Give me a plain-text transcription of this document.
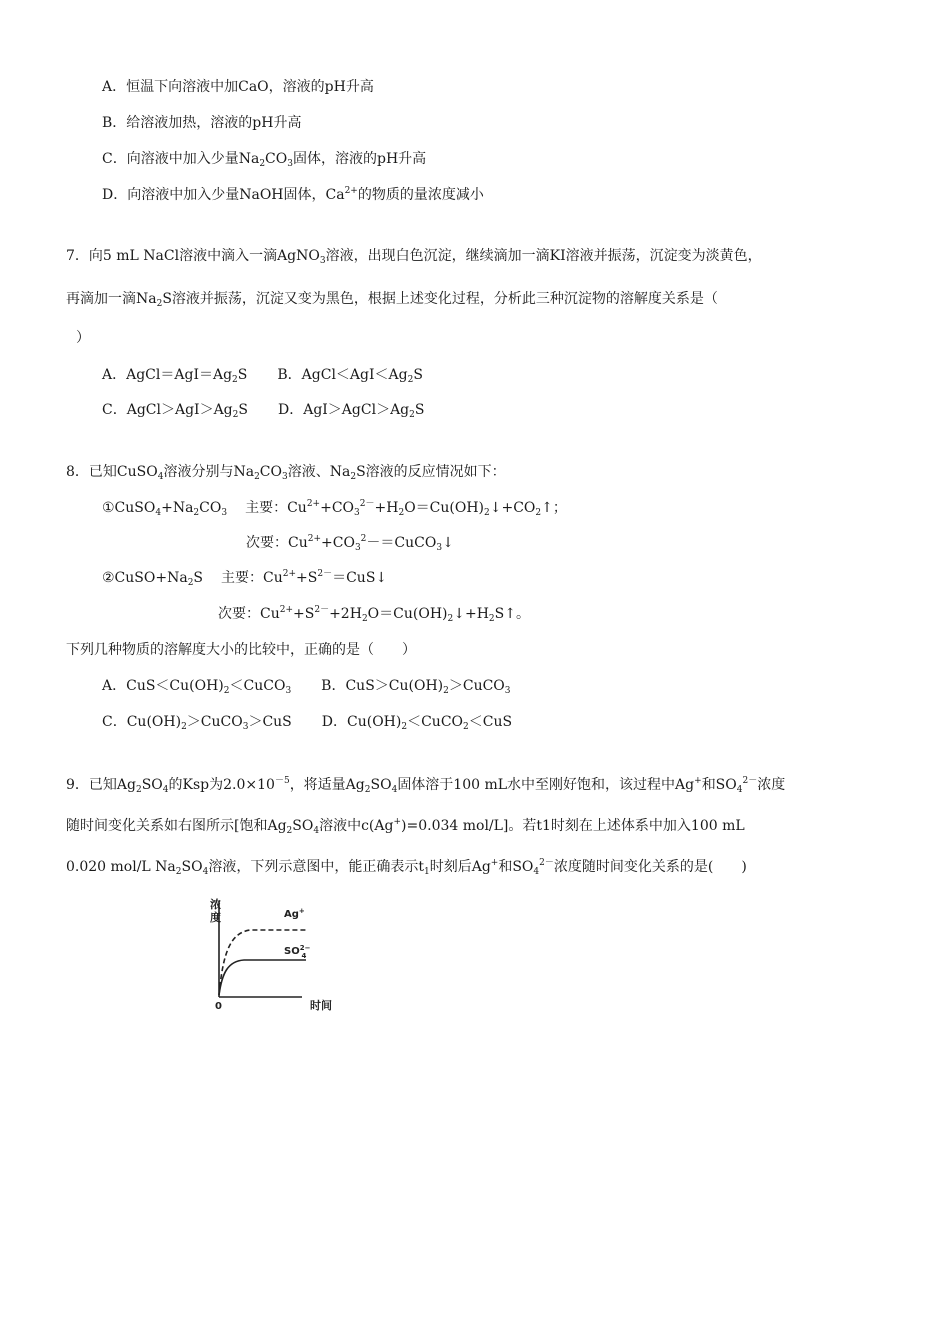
A．恒温下向溶液中加CaO，溶液的pH升高
B．给溶液加热，溶液的pH升高
C．向溶液中加入少量$Na_2CO_3$固体，溶液的pH升高
D．向溶液中加入少量NaOH固体，$Ca^{2+}$的物质的量浓度减小
7．向5 mL NaCl溶液中滴入一滴AgNO$_3$溶液，出现白色沉淀，继续滴加一滴KI溶液并振荡，沉淀变为淡黄色，
再滴加一滴$Na_2S$溶液并振荡，沉淀又变为黑色，根据上述变化过程，分析此三种沉淀物的溶解度关系是（
）
A．$AgCl=AgI=Ag_2S$ B．$AgCl<AgI<Ag_2S$
C．$AgCl>AgI>Ag_2S$ D．$AgI>AgCl>Ag_2S$
8．已知CuSO$_4$溶液分别与$Na_2CO_3$溶液、$Na_2S$溶液的反应情况如下：
$①CuSO_4+Na_2CO_3$ 主要：$Cu^{2+}+CO_3^{2-}+H_2O=Cu(OH)_2↓+CO_2↑$；
次要：$Cu^{2+}+CO_3^2-=CuCO_3↓$
$②CuSO+Na_2S$ 主要：$Cu^{2+}+S^{2-}=CuS↓$
次要：$Cu^{2+}+S^{2-}+2H_2O=Cu(OH)_2↓+H_2S↑$。
下列几种物质的溶解度大小的比较中，正确的是（　　）
A．$CuS<Cu(OH)_2<CuCO_3$ B．$CuS>Cu(OH)_2>CuCO_3$
C．$Cu(OH)_2>CuCO_3>CuS$ D．$Cu(OH)_2<CuCO_2<CuS$
9．已知$Ag_2SO_4$的Ksp为$2.0\times 10^{-5}$，将适量$Ag_2SO_4$固体溶于100 mL水中至刚好饱和，该过程中Ag+和$SO_4^{2-}$浓度
随时间变化关系如右图所示[饱和$Ag_2SO_4$溶液中c(Ag+)=0.034 mol/L]。若t1时刻在上述体系中加入100 mL
0.020 mol/L $Na_2SO_4$溶液，下列示意图中，能正确表示$t_1$时刻后Ag+和$SO_4^{2-}$浓度随时间变化关系的是(　　)
浓
度	Ag+
$SO^{2-}$ 4
0	时间
